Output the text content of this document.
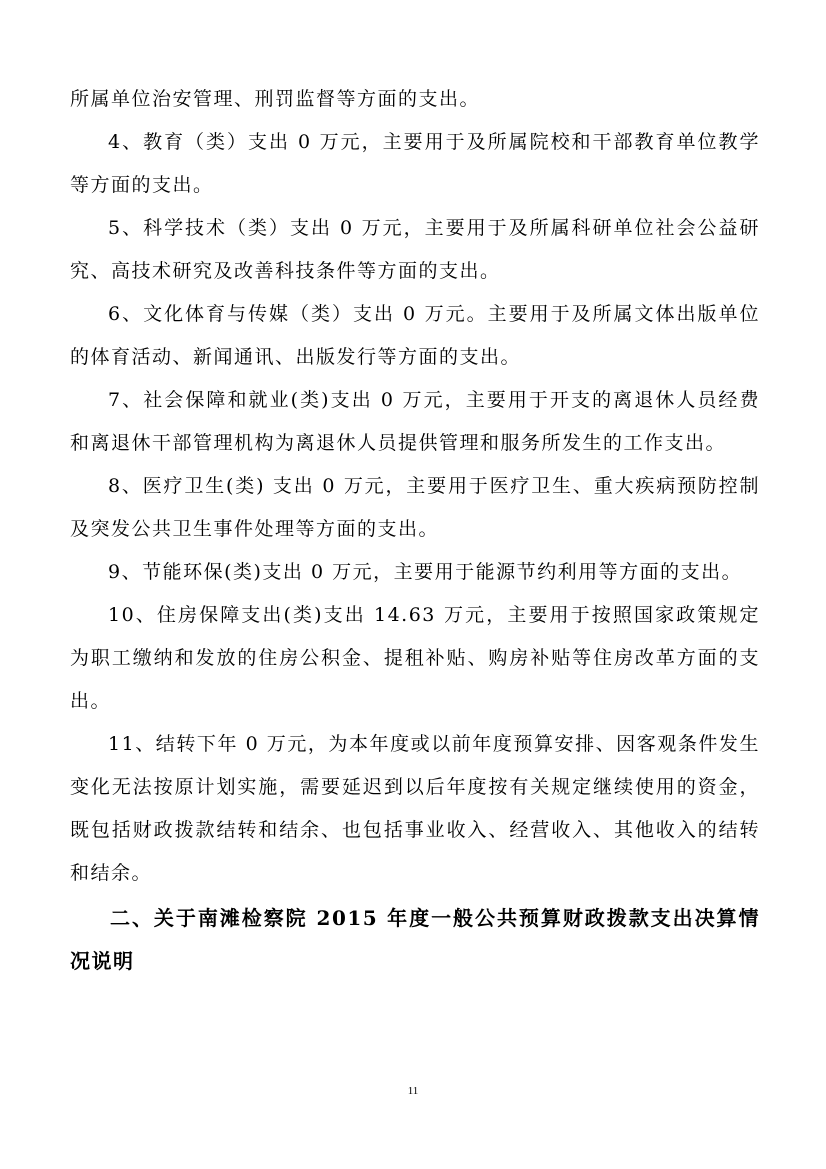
所属单位治安管理、刑罚监督等方面的支出。

4、教育（类）支出 0 万元，主要用于及所属院校和干部教育单位教学等方面的支出。

5、科学技术（类）支出 0 万元，主要用于及所属科研单位社会公益研究、高技术研究及改善科技条件等方面的支出。

6、文化体育与传媒（类）支出 0 万元。主要用于及所属文体出版单位的体育活动、新闻通讯、出版发行等方面的支出。

7、社会保障和就业(类)支出 0 万元，主要用于开支的离退休人员经费和离退休干部管理机构为离退休人员提供管理和服务所发生的工作支出。

8、医疗卫生(类) 支出 0 万元，主要用于医疗卫生、重大疾病预防控制及突发公共卫生事件处理等方面的支出。

9、节能环保(类)支出 0 万元，主要用于能源节约利用等方面的支出。

10、住房保障支出(类)支出 14.63 万元，主要用于按照国家政策规定为职工缴纳和发放的住房公积金、提租补贴、购房补贴等住房改革方面的支出。

11、结转下年 0 万元，为本年度或以前年度预算安排、因客观条件发生变化无法按原计划实施，需要延迟到以后年度按有关规定继续使用的资金，既包括财政拨款结转和结余、也包括事业收入、经营收入、其他收入的结转和结余。

二、关于南滩检察院 2015 年度一般公共预算财政拨款支出决算情况说明

11
